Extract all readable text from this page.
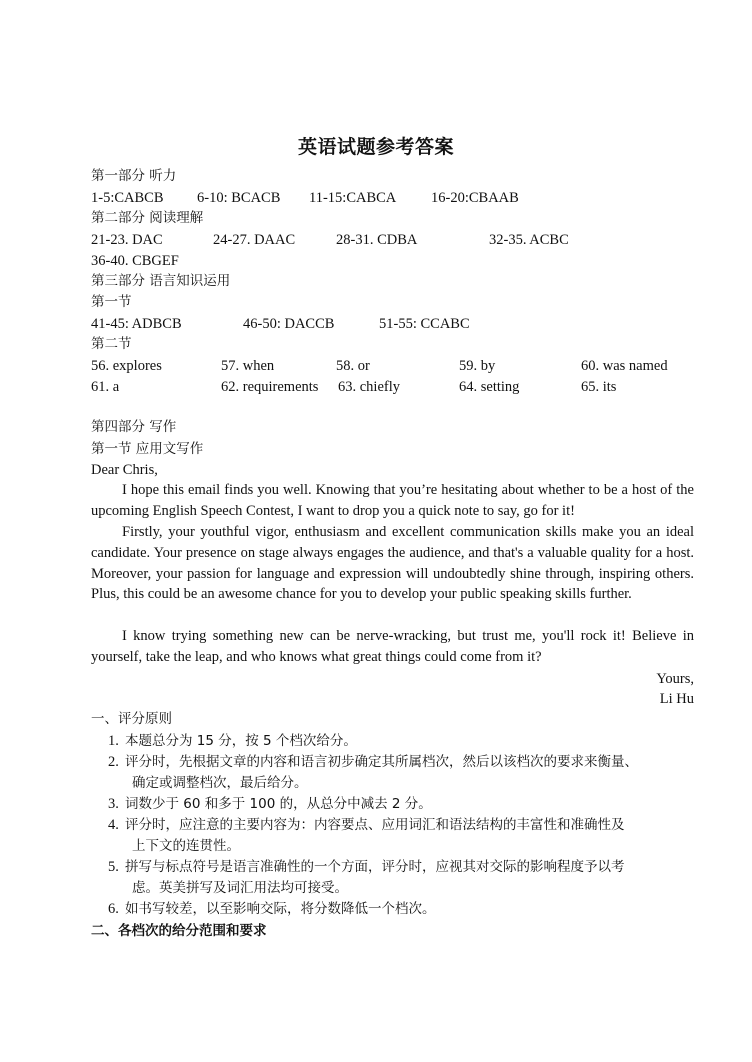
英语试题参考答案
第一部分 听力
1-5:CABCB 6-10: BCACB 11-15:CABCA 16-20:CBAAB
第二部分 阅读理解
21-23. DAC	24-27. DAAC	28-31. CDBA	32-35. ACBC
36-40. CBGEF
第三部分 语言知识运用
第一节
41-45: ADBCB	46-50: DACCB	51-55: CCABC
第二节
56. explores	57. when	58. or	59. by	60. was named
61. a	62. requirements 63. chiefly	64. setting	65. its
第四部分 写作
第一节 应用文写作
Dear Chris,
I hope this email finds you well. Knowing that you’re hesitating about whether to be a host of the upcoming English Speech Contest, I want to drop you a quick note to say, go for it!
Firstly, your youthful vigor, enthusiasm and excellent communication skills make you an ideal candidate. Your presence on stage always engages the audience, and that's a valuable quality for a host. Moreover, your passion for language and expression will undoubtedly shine through, inspiring others. Plus, this could be an awesome chance for you to develop your public speaking skills further.
I know trying something new can be nerve-wracking, but trust me, you'll rock it! Believe in yourself, take the leap, and who knows what great things could come from it?
Yours,
Li Hu
一、评分原则
1. 本题总分为 15 分，按 5 个档次给分。
2. 评分时，先根据文章的内容和语言初步确定其所属档次，然后以该档次的要求来衡量、
确定或调整档次，最后给分。
3. 词数少于 60 和多于 100 的，从总分中减去 2 分。
4. 评分时，应注意的主要内容为：内容要点、应用词汇和语法结构的丰富性和准确性及
上下文的连贯性。
5. 拼写与标点符号是语言准确性的一个方面，评分时，应视其对交际的影响程度予以考
虑。英美拼写及词汇用法均可接受。
6. 如书写较差，以至影响交际，将分数降低一个档次。
二、各档次的给分范围和要求
